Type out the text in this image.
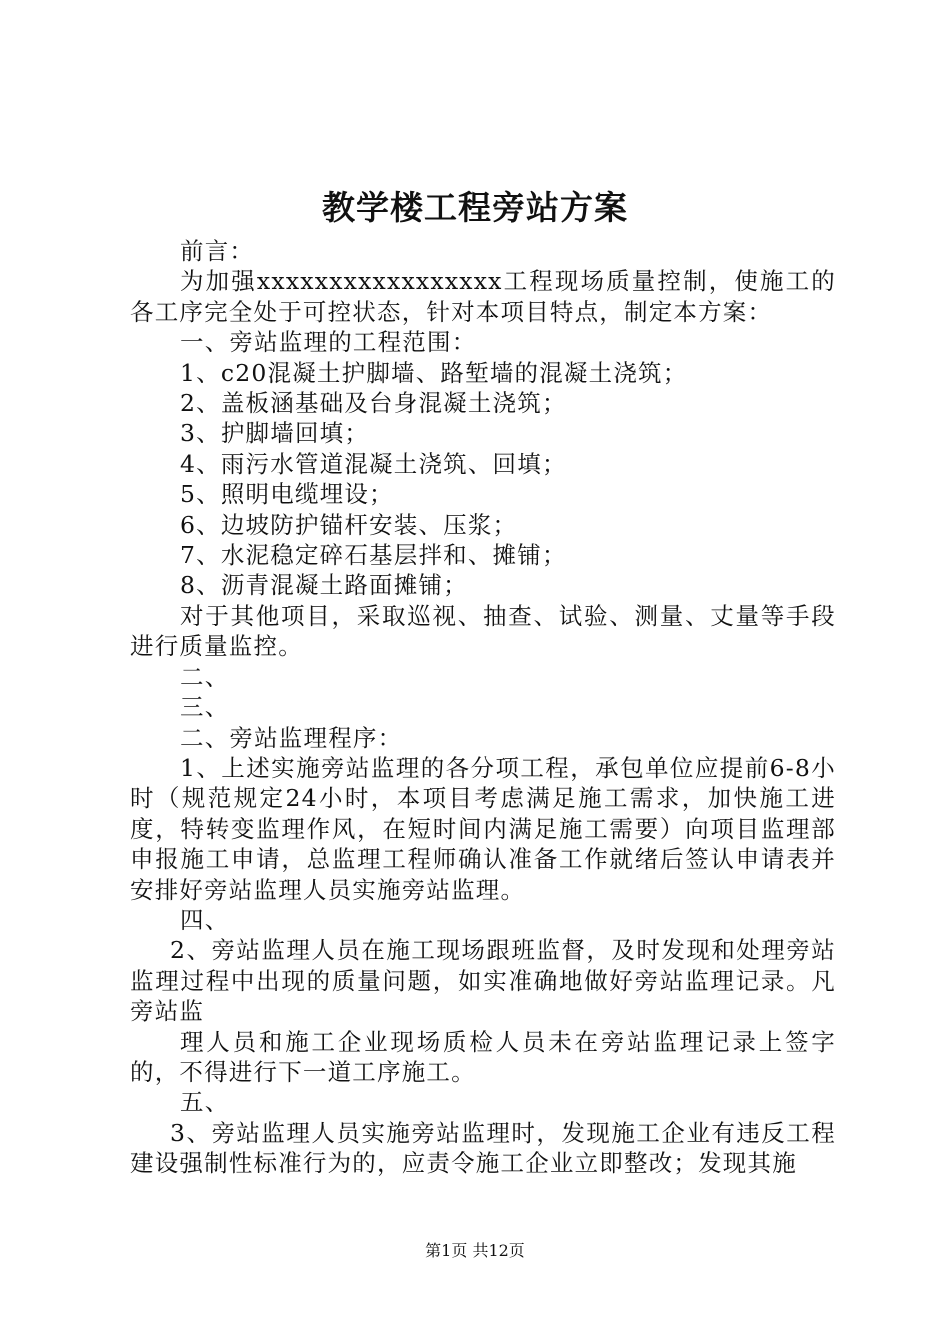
教学楼工程旁站方案

前言：

为加强xxxxxxxxxxxxxxxxx工程现场质量控制，使施工的各工序完全处于可控状态，针对本项目特点，制定本方案：

一、旁站监理的工程范围：

1、c20混凝土护脚墙、路堑墙的混凝土浇筑；

2、盖板涵基础及台身混凝土浇筑；

3、护脚墙回填；

4、雨污水管道混凝土浇筑、回填；

5、照明电缆埋设；

6、边坡防护锚杆安装、压浆；

7、水泥稳定碎石基层拌和、摊铺；

8、沥青混凝土路面摊铺；

对于其他项目，采取巡视、抽查、试验、测量、丈量等手段进行质量监控。

二、

三、

二、旁站监理程序：

1、上述实施旁站监理的各分项工程，承包单位应提前6-8小时（规范规定24小时，本项目考虑满足施工需求，加快施工进度，特转变监理作风，在短时间内满足施工需要）向项目监理部申报施工申请，总监理工程师确认准备工作就绪后签认申请表并安排好旁站监理人员实施旁站监理。

四、

2、旁站监理人员在施工现场跟班监督，及时发现和处理旁站监理过程中出现的质量问题，如实准确地做好旁站监理记录。凡旁站监

理人员和施工企业现场质检人员未在旁站监理记录上签字的，不得进行下一道工序施工。

五、

3、旁站监理人员实施旁站监理时，发现施工企业有违反工程建设强制性标准行为的，应责令施工企业立即整改；发现其施

第1页 共12页
